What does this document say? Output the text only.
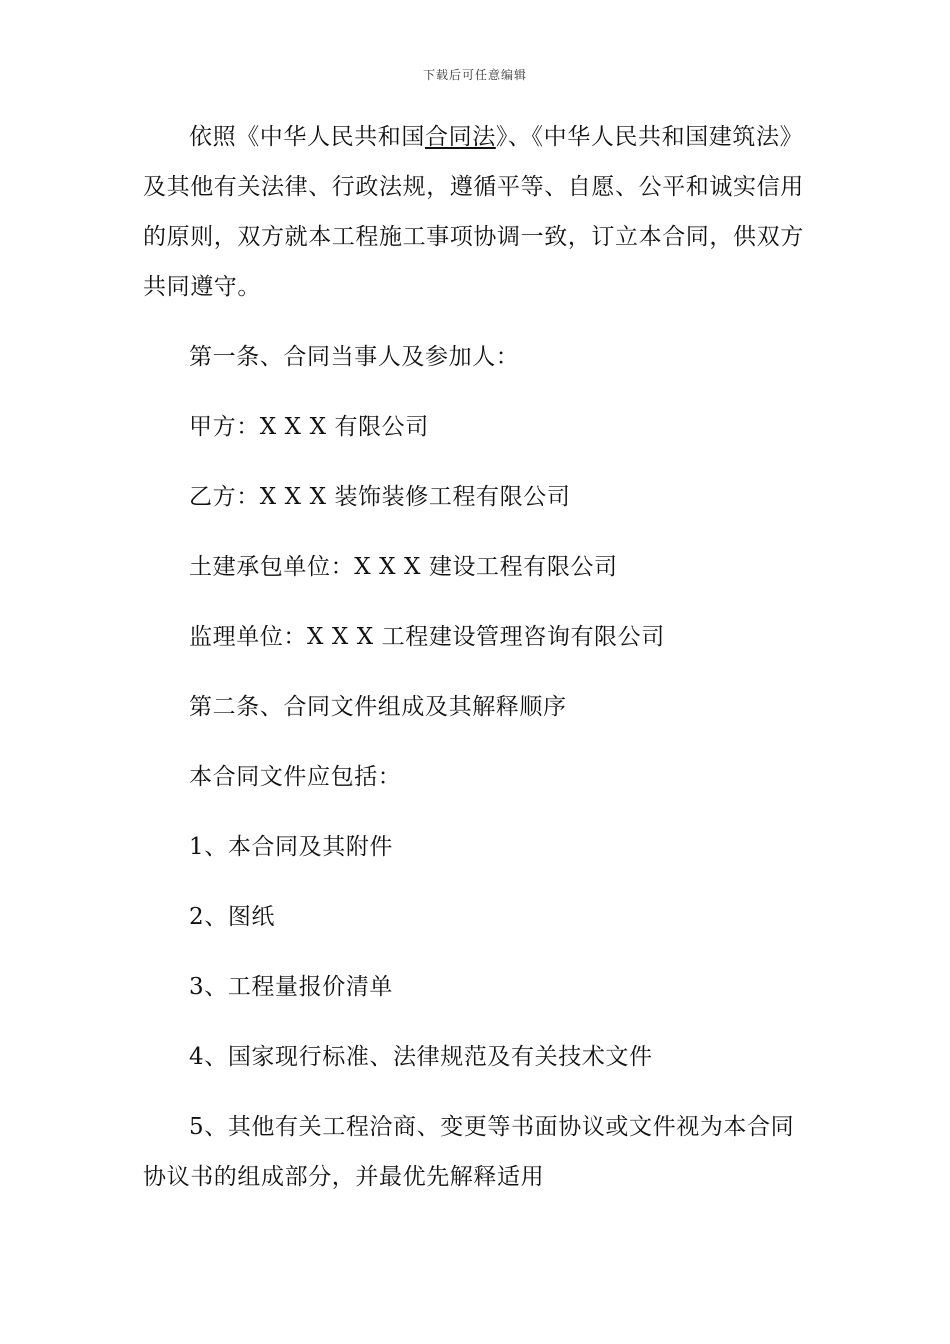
下载后可任意编辑

依照《中华人民共和国合同法》、《中华人民共和国建筑法》及其他有关法律、行政法规，遵循平等、自愿、公平和诚实信用的原则，双方就本工程施工事项协调一致，订立本合同，供双方共同遵守。

第一条、合同当事人及参加人：
甲方：X X X 有限公司
乙方：X X X 装饰装修工程有限公司
土建承包单位：X X X 建设工程有限公司
监理单位：X X X 工程建设管理咨询有限公司
第二条、合同文件组成及其解释顺序
本合同文件应包括：
1、本合同及其附件
2、图纸
3、工程量报价清单
4、国家现行标准、法律规范及有关技术文件

5、其他有关工程洽商、变更等书面协议或文件视为本合同协议书的组成部分，并最优先解释适用
